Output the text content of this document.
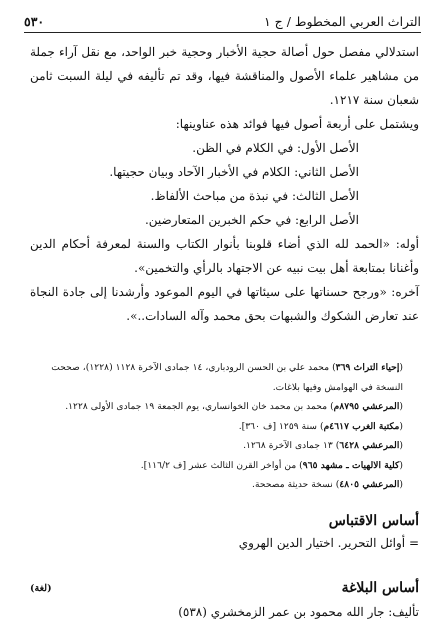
التراث العربي المخطوط / ج ١
٥٣٠

استدلالي مفصل حول أصالة حجية الأخبار وحجية خبر الواحد، مع نقل آراء جملة من مشاهير علماء الأصول والمناقشة فيها، وقد تم تأليفه في ليلة السبت ثامن شعبان سنة ١٢١٧.

ويشتمل على أربعة أصول فيها فوائد هذه عناوينها:

الأصل الأول: في الكلام في الظن.

الأصل الثاني: الكلام في الأخبار الآحاد وبيان حجيتها.

الأصل الثالث: في نبذة من مباحث الألفاظ.

الأصل الرابع: في حكم الخبرين المتعارضين.

أوله: «الحمد لله الذي أضاء قلوبنا بأنوار الكتاب والسنة لمعرفة أحكام الدين وأغنانا بمتابعة أهل بيت نبيه عن الاجتهاد بالرأي والتخمين».

آخره: «ورجح حسناتها على سيئاتها في اليوم الموعود وأرشدنا إلى جادة النجاة عند تعارض الشكوك والشبهات بحق محمد وآله السادات..».

(إحياء التراث ٣٦٩) محمد علي بن الحسن الرودباري، ١٤ جمادى الآخرة ١١٢٨ (١٢٢٨)، صححت النسخة في الهوامش وفيها بلاغات.

(المرعشي ٨٧٩٥م) محمد بن محمد خان الخوانساري، يوم الجمعة ١٩ جمادى الأولى ١٢٢٨.

(مكتبة الغرب ٤٦١٧م) سنة ١٢٥٩ [ف ٣٦٠].

(المرعشي ٦٤٢٨) ١٣ جمادى الآخرة ١٢٦٨.

(كلية الالهيات ـ مشهد ٩٦٥) من أواخر القرن الثالث عشر [ف ١١٦/٢].

(المرعشي ٤٨٠٥) نسخة حديثة مصححة.

أساس الاقتباس
= أوائل التحرير. اختيار الدين الهروي
أساس البلاغة
(لغة)
تأليف: جار الله محمود بن عمر الزمخشري (٥٣٨)
